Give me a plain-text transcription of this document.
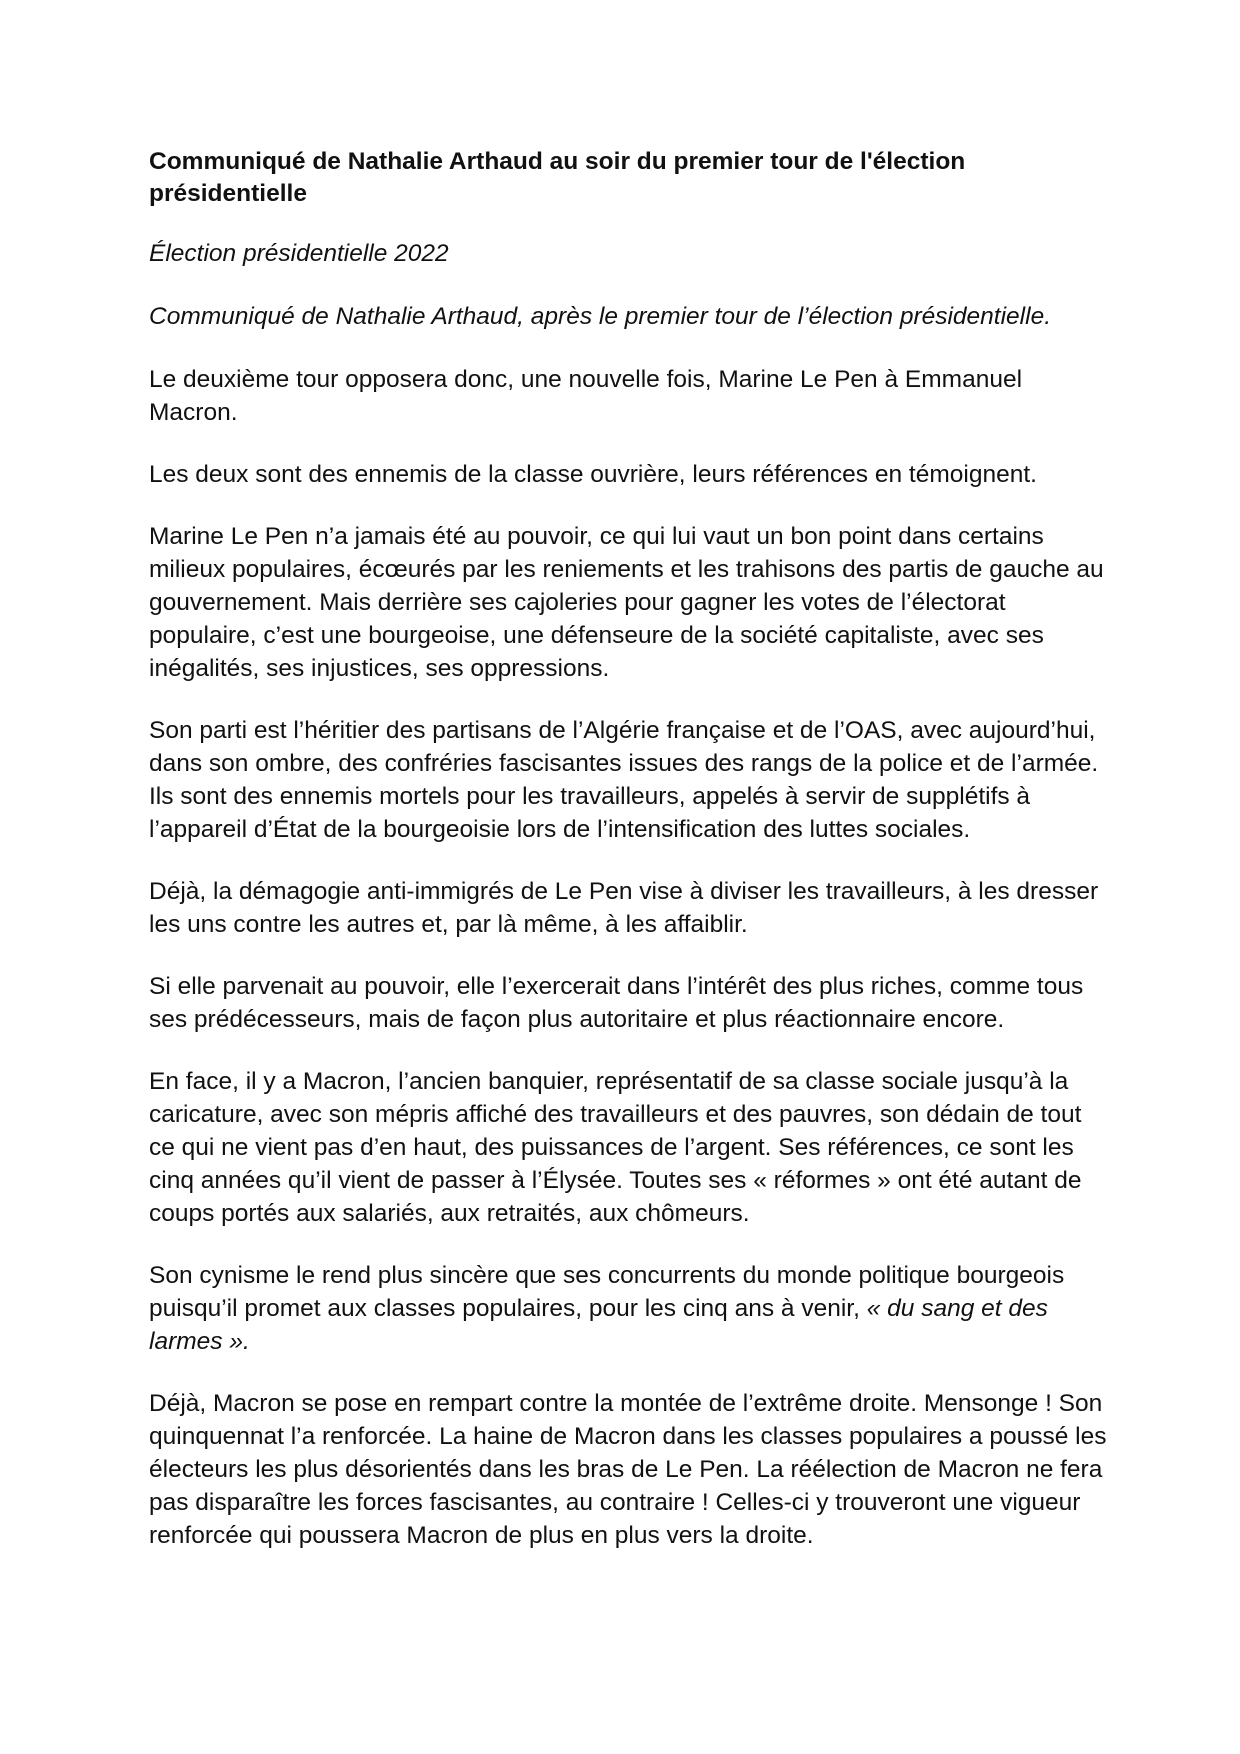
Communiqué de Nathalie Arthaud au soir du premier tour de l'élection présidentielle
Élection présidentielle 2022
Communiqué de Nathalie Arthaud, après le premier tour de l’élection présidentielle.
Le deuxième tour opposera donc, une nouvelle fois, Marine Le Pen à Emmanuel Macron.
Les deux sont des ennemis de la classe ouvrière, leurs références en témoignent.
Marine Le Pen n’a jamais été au pouvoir, ce qui lui vaut un bon point dans certains milieux populaires, écœurés par les reniements et les trahisons des partis de gauche au gouvernement. Mais derrière ses cajoleries pour gagner les votes de l’électorat populaire, c’est une bourgeoise, une défenseure de la société capitaliste, avec ses inégalités, ses injustices, ses oppressions.
Son parti est l’héritier des partisans de l’Algérie française et de l’OAS, avec aujourd’hui, dans son ombre, des confréries fascisantes issues des rangs de la police et de l’armée. Ils sont des ennemis mortels pour les travailleurs, appelés à servir de supplétifs à l’appareil d’État de la bourgeoisie lors de l’intensification des luttes sociales.
Déjà, la démagogie anti-immigrés de Le Pen vise à diviser les travailleurs, à les dresser les uns contre les autres et, par là même, à les affaiblir.
Si elle parvenait au pouvoir, elle l’exercerait dans l’intérêt des plus riches, comme tous ses prédécesseurs, mais de façon plus autoritaire et plus réactionnaire encore.
En face, il y a Macron, l’ancien banquier, représentatif de sa classe sociale jusqu’à la caricature, avec son mépris affiché des travailleurs et des pauvres, son dédain de tout ce qui ne vient pas d’en haut, des puissances de l’argent. Ses références, ce sont les cinq années qu’il vient de passer à l’Élysée. Toutes ses « réformes » ont été autant de coups portés aux salariés, aux retraités, aux chômeurs.
Son cynisme le rend plus sincère que ses concurrents du monde politique bourgeois puisqu’il promet aux classes populaires, pour les cinq ans à venir, « du sang et des larmes ».
Déjà, Macron se pose en rempart contre la montée de l’extrême droite. Mensonge ! Son quinquennat l’a renforcée. La haine de Macron dans les classes populaires a poussé les électeurs les plus désorientés dans les bras de Le Pen. La réélection de Macron ne fera pas disparaître les forces fascisantes, au contraire ! Celles-ci y trouveront une vigueur renforcée qui poussera Macron de plus en plus vers la droite.
